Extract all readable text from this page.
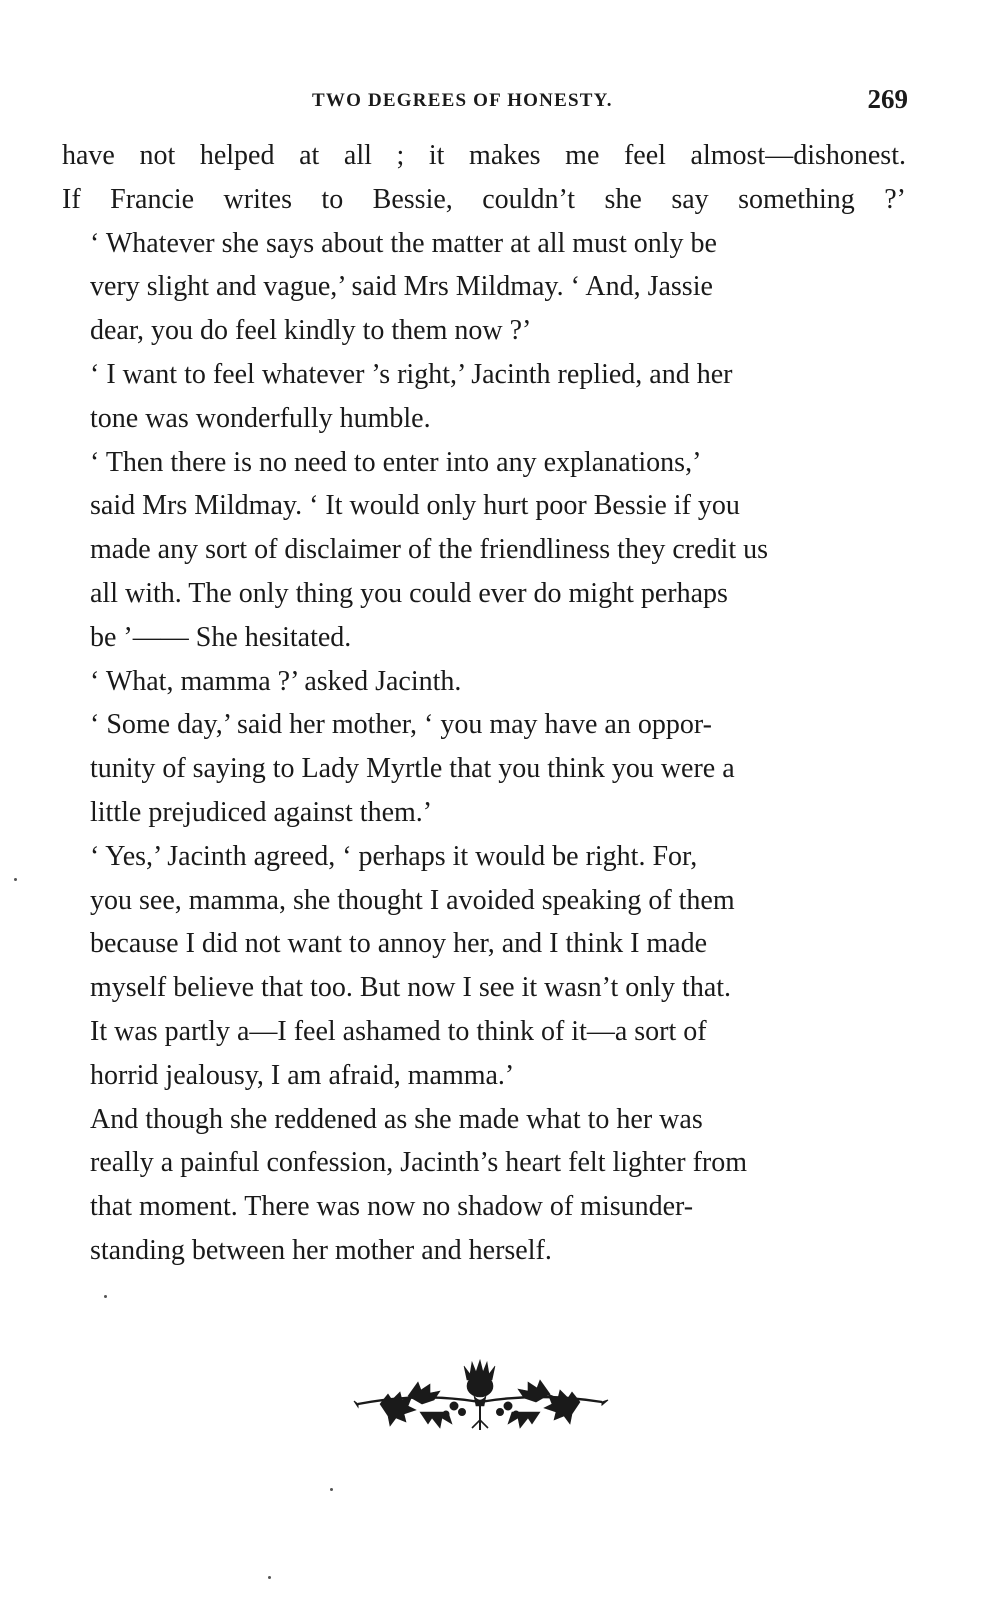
TWO DEGREES OF HONESTY.	269

have not helped at all ; it makes me feel almost—dishonest.
If Francie writes to Bessie, couldn’t she say something ?’

‘ Whatever she says about the matter at all must only be
very slight and vague,’ said Mrs Mildmay. ‘ And, Jassie
dear, you do feel kindly to them now ?’

‘ I want to feel whatever ’s right,’ Jacinth replied, and her
tone was wonderfully humble.

‘ Then there is no need to enter into any explanations,’
said Mrs Mildmay. ‘ It would only hurt poor Bessie if you
made any sort of disclaimer of the friendliness they credit us
all with. The only thing you could ever do might perhaps
be ’—— She hesitated.

‘ What, mamma ?’ asked Jacinth.

‘ Some day,’ said her mother, ‘ you may have an oppor-
tunity of saying to Lady Myrtle that you think you were a
little prejudiced against them.’

‘ Yes,’ Jacinth agreed, ‘ perhaps it would be right. For,
you see, mamma, she thought I avoided speaking of them
because I did not want to annoy her, and I think I made
myself believe that too. But now I see it wasn’t only that.
It was partly a—I feel ashamed to think of it—a sort of
horrid jealousy, I am afraid, mamma.’

And though she reddened as she made what to her was
really a painful confession, Jacinth’s heart felt lighter from
that moment. There was now no shadow of misunder-
standing between her mother and herself.
